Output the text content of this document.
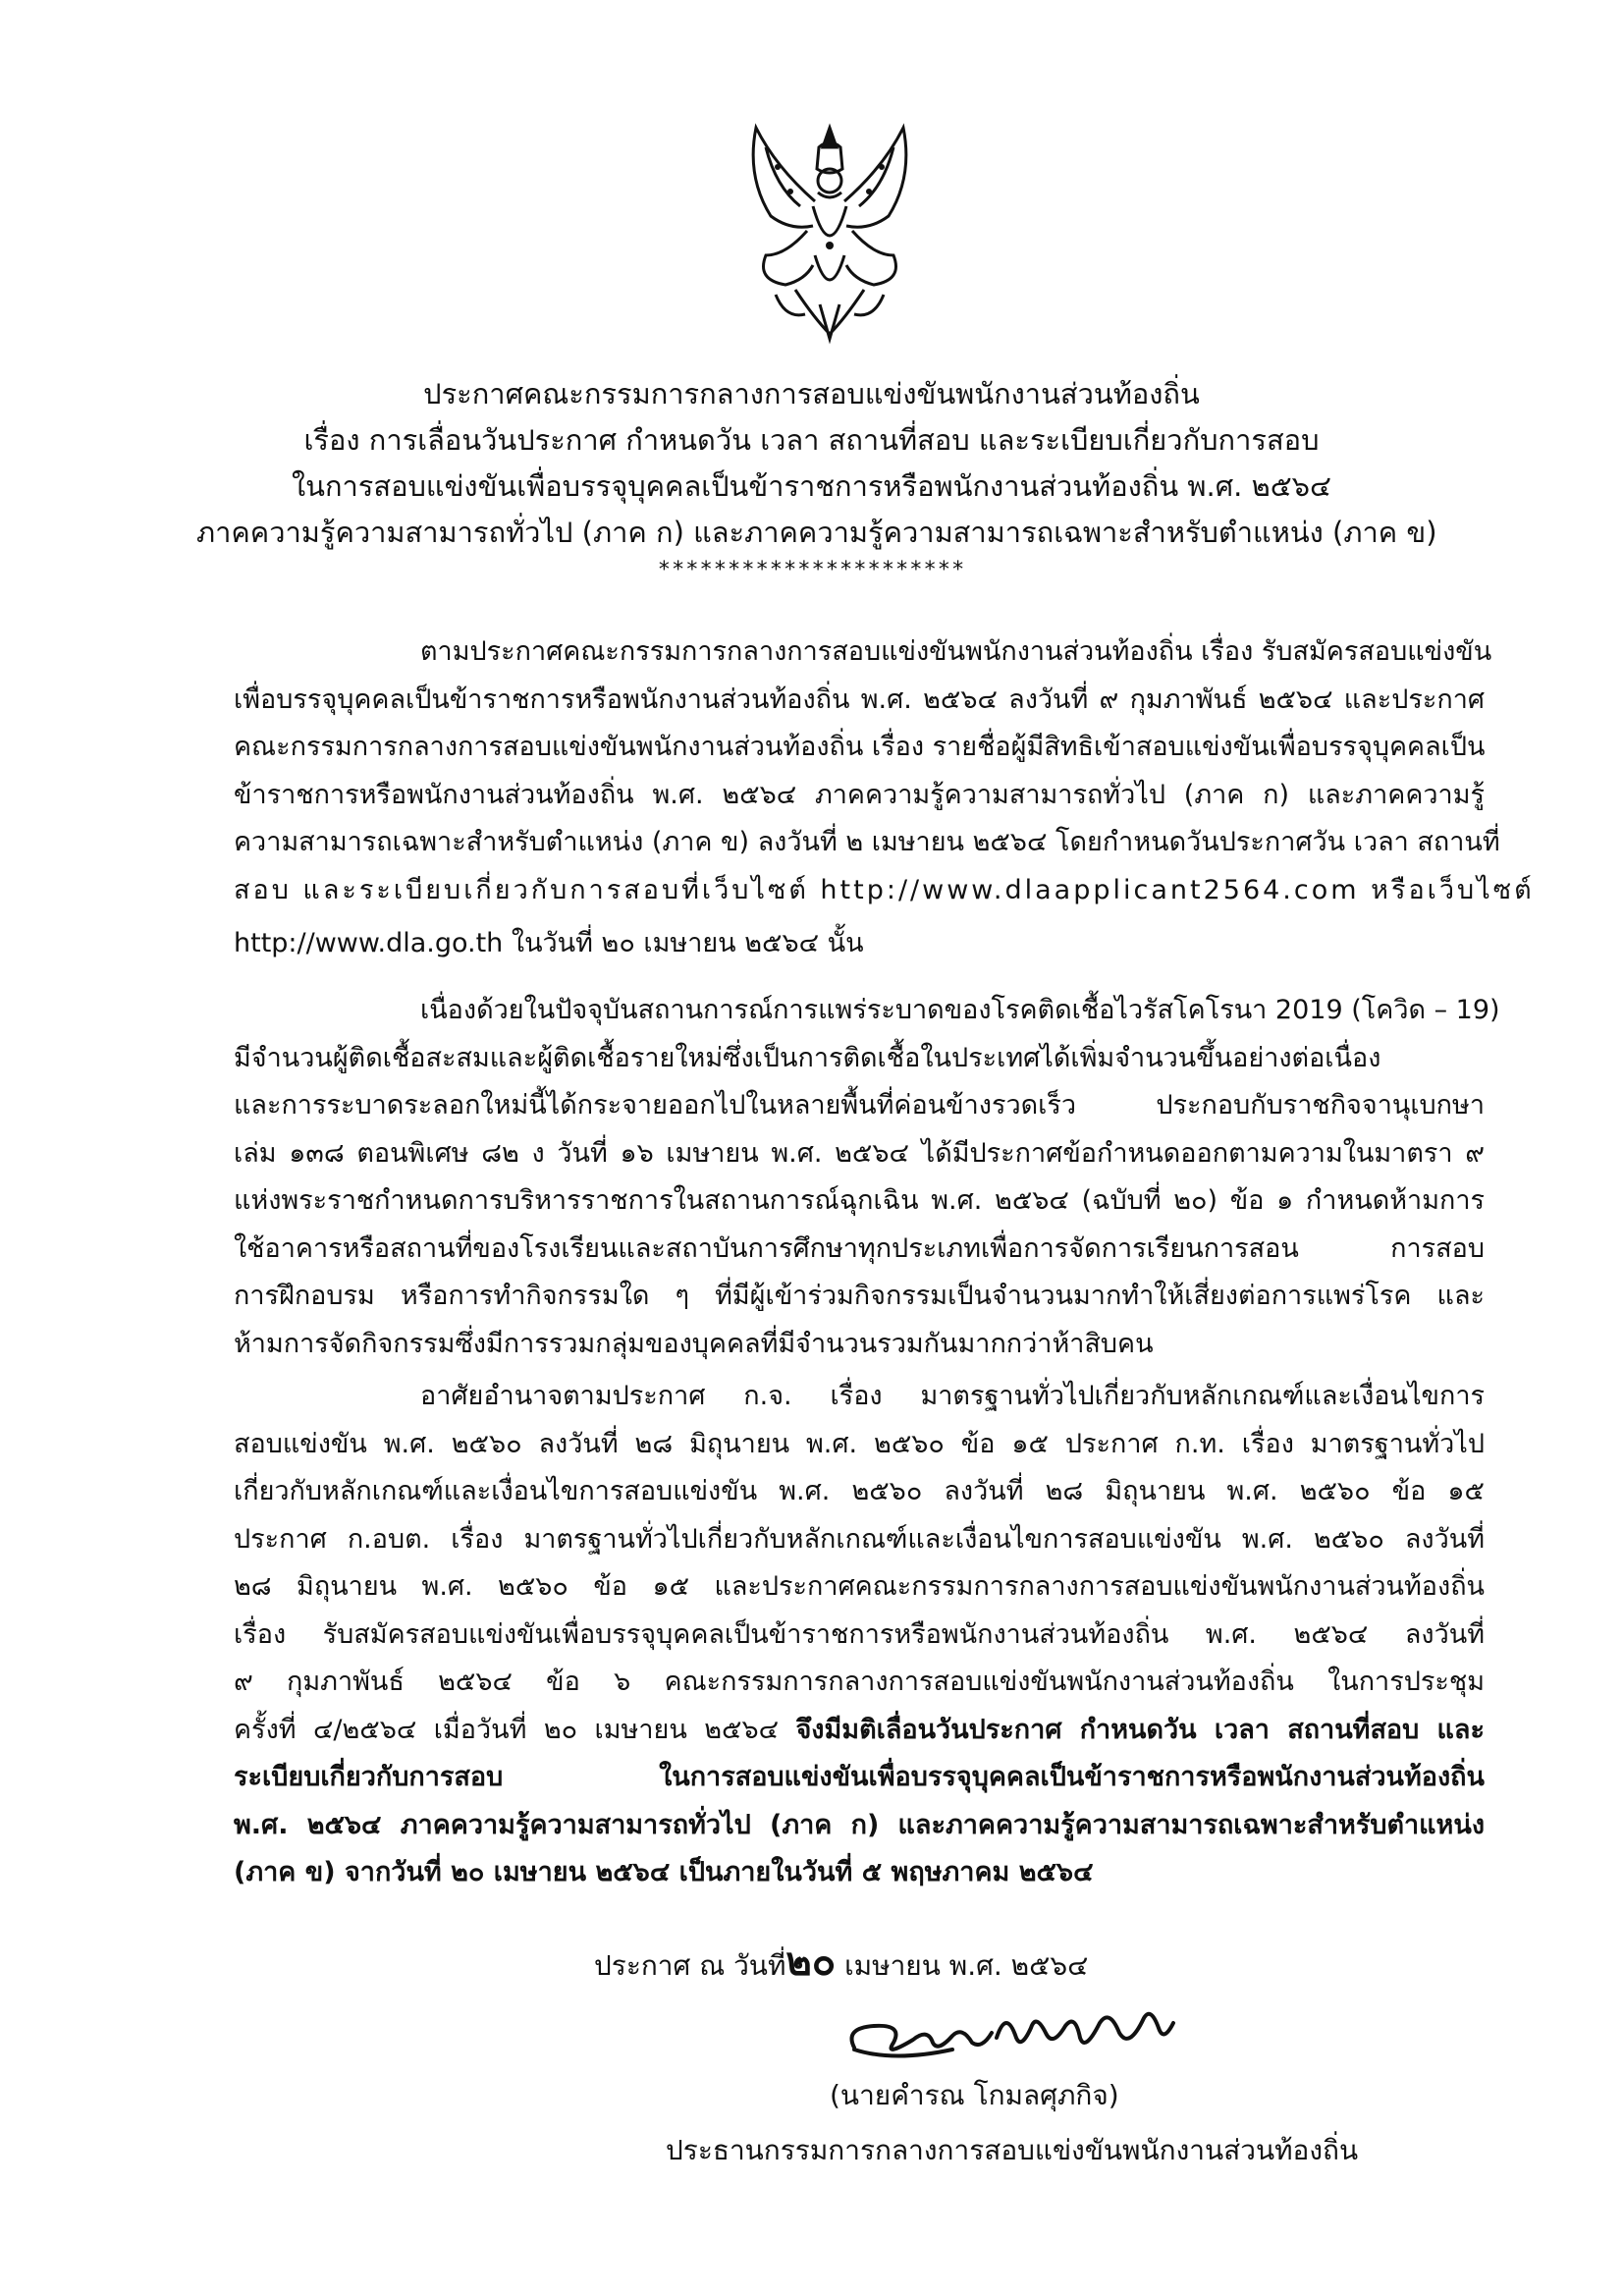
ประกาศคณะกรรมการกลางการสอบแข่งขันพนักงานส่วนท้องถิ่น
เรื่อง การเลื่อนวันประกาศ กำหนดวัน เวลา สถานที่สอบ และระเบียบเกี่ยวกับการสอบ
ในการสอบแข่งขันเพื่อบรรจุบุคคลเป็นข้าราชการหรือพนักงานส่วนท้องถิ่น พ.ศ. ๒๕๖๔
ภาคความรู้ความสามารถทั่วไป (ภาค ก) และภาคความรู้ความสามารถเฉพาะสำหรับตำแหน่ง (ภาค ข)
**********************
ตามประกาศคณะกรรมการกลางการสอบแข่งขันพนักงานส่วนท้องถิ่น เรื่อง รับสมัครสอบแข่งขัน
เพื่อบรรจุบุคคลเป็นข้าราชการหรือพนักงานส่วนท้องถิ่น พ.ศ. ๒๕๖๔ ลงวันที่ ๙ กุมภาพันธ์ ๒๕๖๔ และประกาศ
คณะกรรมการกลางการสอบแข่งขันพนักงานส่วนท้องถิ่น เรื่อง รายชื่อผู้มีสิทธิเข้าสอบแข่งขันเพื่อบรรจุบุคคลเป็น
ข้าราชการหรือพนักงานส่วนท้องถิ่น พ.ศ. ๒๕๖๔ ภาคความรู้ความสามารถทั่วไป (ภาค ก) และภาคความรู้
ความสามารถเฉพาะสำหรับตำแหน่ง (ภาค ข) ลงวันที่ ๒ เมษายน ๒๕๖๔ โดยกำหนดวันประกาศวัน เวลา สถานที่
สอบ และระเบียบเกี่ยวกับการสอบที่เว็บไซต์ http://www.dlaapplicant2564.com หรือเว็บไซต์
http://www.dla.go.th ในวันที่ ๒๐ เมษายน ๒๕๖๔ นั้น
เนื่องด้วยในปัจจุบันสถานการณ์การแพร่ระบาดของโรคติดเชื้อไวรัสโคโรนา 2019 (โควิด – 19)
มีจำนวนผู้ติดเชื้อสะสมและผู้ติดเชื้อรายใหม่ซึ่งเป็นการติดเชื้อในประเทศได้เพิ่มจำนวนขึ้นอย่างต่อเนื่อง
และการระบาดระลอกใหม่นี้ได้กระจายออกไปในหลายพื้นที่ค่อนข้างรวดเร็ว ประกอบกับราชกิจจานุเบกษา
เล่ม ๑๓๘ ตอนพิเศษ ๘๒ ง วันที่ ๑๖ เมษายน พ.ศ. ๒๕๖๔ ได้มีประกาศข้อกำหนดออกตามความในมาตรา ๙
แห่งพระราชกำหนดการบริหารราชการในสถานการณ์ฉุกเฉิน พ.ศ. ๒๕๖๔ (ฉบับที่ ๒๐) ข้อ ๑ กำหนดห้ามการ
ใช้อาคารหรือสถานที่ของโรงเรียนและสถาบันการศึกษาทุกประเภทเพื่อการจัดการเรียนการสอน การสอบ
การฝึกอบรม หรือการทำกิจกรรมใด ๆ ที่มีผู้เข้าร่วมกิจกรรมเป็นจำนวนมากทำให้เสี่ยงต่อการแพร่โรค และ
ห้ามการจัดกิจกรรมซึ่งมีการรวมกลุ่มของบุคคลที่มีจำนวนรวมกันมากกว่าห้าสิบคน
อาศัยอำนาจตามประกาศ ก.จ. เรื่อง มาตรฐานทั่วไปเกี่ยวกับหลักเกณฑ์และเงื่อนไขการ
สอบแข่งขัน พ.ศ. ๒๕๖๐ ลงวันที่ ๒๘ มิถุนายน พ.ศ. ๒๕๖๐ ข้อ ๑๕ ประกาศ ก.ท. เรื่อง มาตรฐานทั่วไป
เกี่ยวกับหลักเกณฑ์และเงื่อนไขการสอบแข่งขัน พ.ศ. ๒๕๖๐ ลงวันที่ ๒๘ มิถุนายน พ.ศ. ๒๕๖๐ ข้อ ๑๕
ประกาศ ก.อบต. เรื่อง มาตรฐานทั่วไปเกี่ยวกับหลักเกณฑ์และเงื่อนไขการสอบแข่งขัน พ.ศ. ๒๕๖๐ ลงวันที่
๒๘ มิถุนายน พ.ศ. ๒๕๖๐ ข้อ ๑๕ และประกาศคณะกรรมการกลางการสอบแข่งขันพนักงานส่วนท้องถิ่น
เรื่อง รับสมัครสอบแข่งขันเพื่อบรรจุบุคคลเป็นข้าราชการหรือพนักงานส่วนท้องถิ่น พ.ศ. ๒๕๖๔ ลงวันที่
๙ กุมภาพันธ์ ๒๕๖๔ ข้อ ๖ คณะกรรมการกลางการสอบแข่งขันพนักงานส่วนท้องถิ่น ในการประชุม
ครั้งที่ ๔/๒๕๖๔ เมื่อวันที่ ๒๐ เมษายน ๒๕๖๔ จึงมีมติเลื่อนวันประกาศ กำหนดวัน เวลา สถานที่สอบ และ
ระเบียบเกี่ยวกับการสอบ ในการสอบแข่งขันเพื่อบรรจุบุคคลเป็นข้าราชการหรือพนักงานส่วนท้องถิ่น
พ.ศ. ๒๕๖๔ ภาคความรู้ความสามารถทั่วไป (ภาค ก) และภาคความรู้ความสามารถเฉพาะสำหรับตำแหน่ง
(ภาค ข) จากวันที่ ๒๐ เมษายน ๒๕๖๔ เป็นภายในวันที่ ๕ พฤษภาคม ๒๕๖๔
ประกาศ ณ วันที่๒๐ เมษายน พ.ศ. ๒๕๖๔
(นายคำรณ โกมลศุภกิจ)
ประธานกรรมการกลางการสอบแข่งขันพนักงานส่วนท้องถิ่น
